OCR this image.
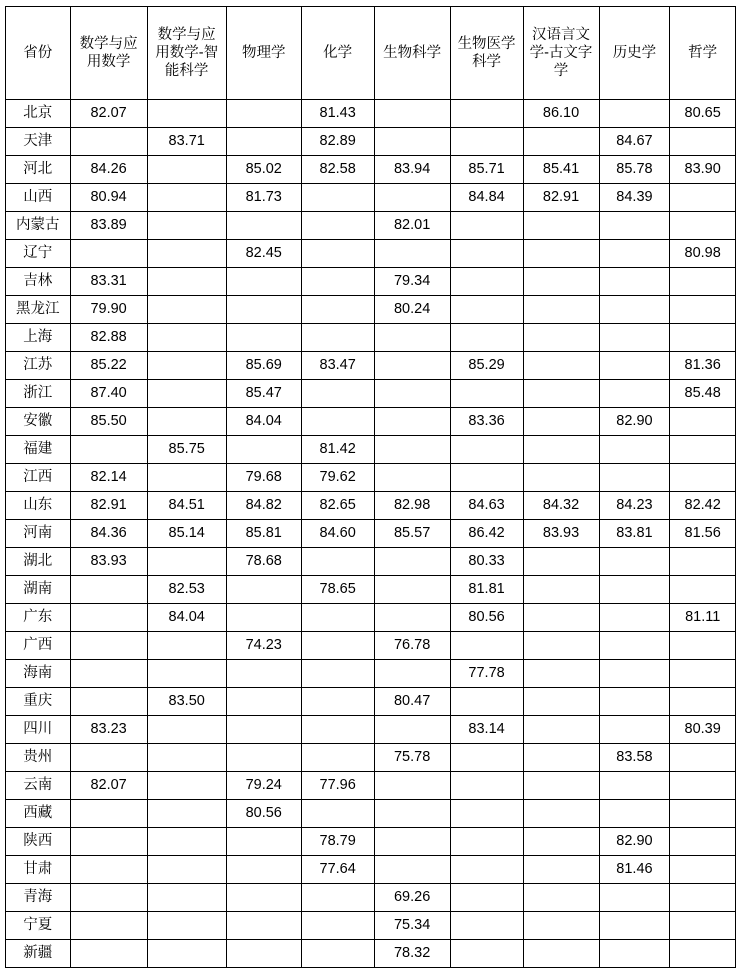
省份	数学与应用数学	数学与应用数学-智能科学	物理学	化学	生物科学	生物医学科学	汉语言文学-古文字学	历史学	哲学

北京	82.07			81.43			86.10		80.65
天津		83.71		82.89				84.67	
河北	84.26		85.02	82.58	83.94	85.71	85.41	85.78	83.90
山西	80.94		81.73			84.84	82.91	84.39	
内蒙古	83.89				82.01				
辽宁			82.45						80.98
吉林	83.31				79.34				
黑龙江	79.90				80.24				
上海	82.88								
江苏	85.22		85.69	83.47		85.29			81.36
浙江	87.40		85.47						85.48
安徽	85.50		84.04			83.36		82.90	
福建		85.75		81.42					
江西	82.14		79.68	79.62					
山东	82.91	84.51	84.82	82.65	82.98	84.63	84.32	84.23	82.42
河南	84.36	85.14	85.81	84.60	85.57	86.42	83.93	83.81	81.56
湖北	83.93		78.68			80.33			
湖南		82.53		78.65		81.81			
广东		84.04				80.56			81.11
广西			74.23		76.78				
海南						77.78			
重庆		83.50			80.47				
四川	83.23					83.14			80.39
贵州					75.78			83.58	
云南	82.07		79.24	77.96					
西藏			80.56						
陕西				78.79				82.90	
甘肃				77.64				81.46	
青海					69.26				
宁夏					75.34				
新疆					78.32				
